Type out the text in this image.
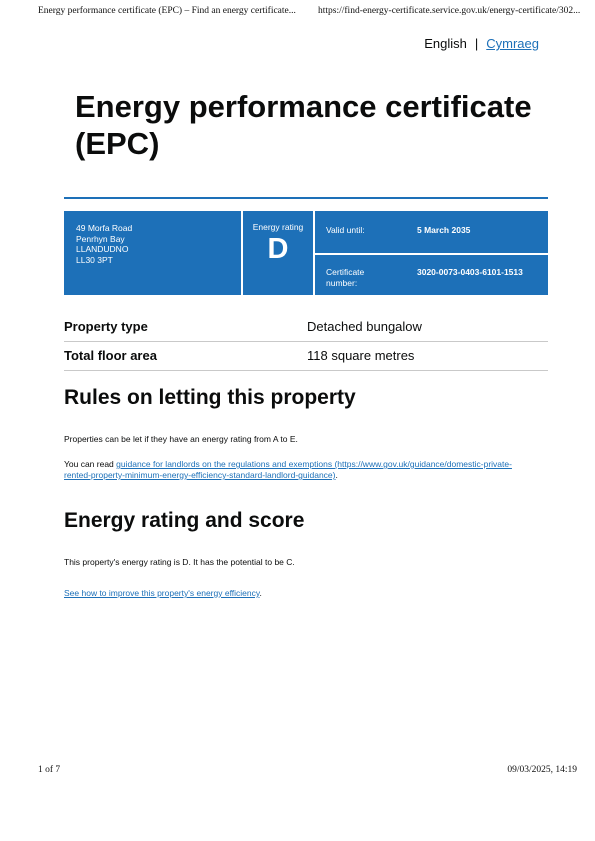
Energy performance certificate (EPC) – Find an energy certificate... https://find-energy-certificate.service.gov.uk/energy-certificate/302...
English | Cymraeg
Energy performance certificate (EPC)
49 Morfa Road
Penrhyn Bay
LLANDUDNO
LL30 3PT
Energy rating
D
Valid until:	5 March 2035
Certificate number:
3020-0073-0403-6101-1513
Property type	Detached bungalow
Total floor area	118 square metres
Rules on letting this property

Properties can be let if they have an energy rating from A to E.

You can read guidance for landlords on the regulations and exemptions (https://www.gov.uk/guidance/domestic-private-rented-property-minimum-energy-efficiency-standard-landlord-guidance).

Energy rating and score

This property's energy rating is D. It has the potential to be C.

See how to improve this property's energy efficiency.

1 of 7	09/03/2025, 14:19
